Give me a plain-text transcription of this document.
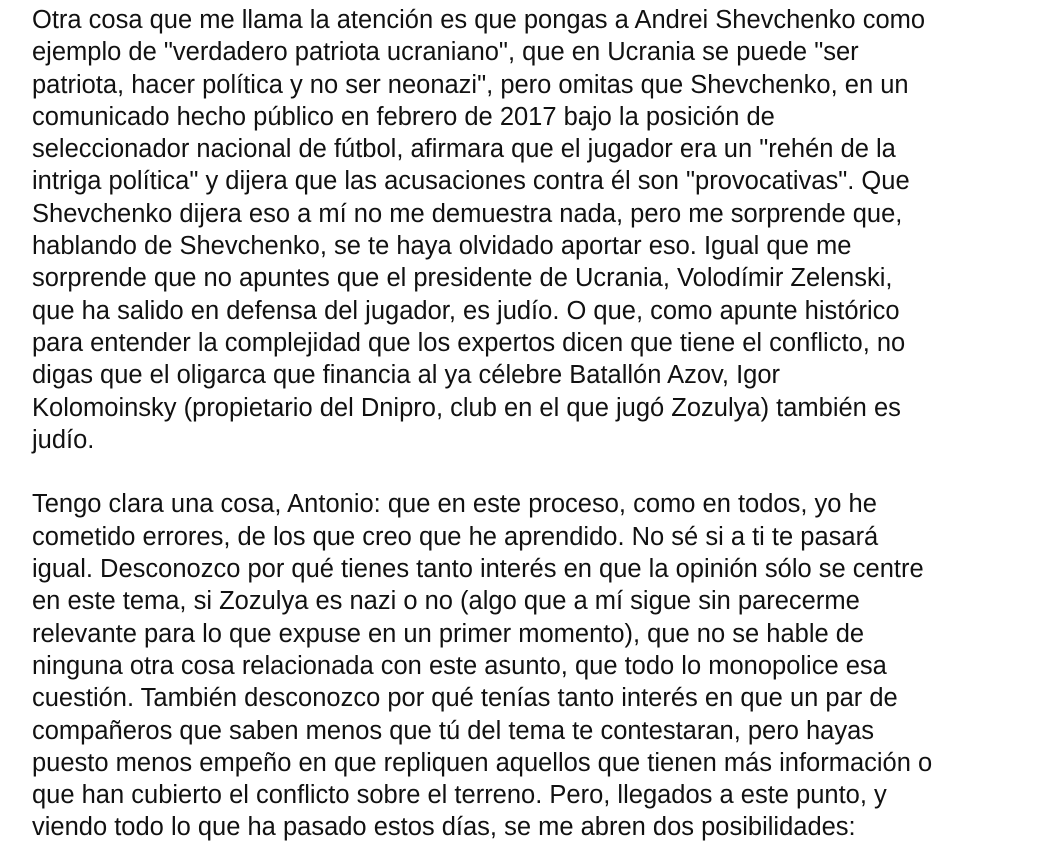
Otra cosa que me llama la atención es que pongas a Andrei Shevchenko como
ejemplo de "verdadero patriota ucraniano", que en Ucrania se puede "ser
patriota, hacer política y no ser neonazi", pero omitas que Shevchenko, en un
comunicado hecho público en febrero de 2017 bajo la posición de
seleccionador nacional de fútbol, afirmara que el jugador era un "rehén de la
intriga política" y dijera que las acusaciones contra él son "provocativas". Que
Shevchenko dijera eso a mí no me demuestra nada, pero me sorprende que,
hablando de Shevchenko, se te haya olvidado aportar eso. Igual que me
sorprende que no apuntes que el presidente de Ucrania, Volodímir Zelenski,
que ha salido en defensa del jugador, es judío. O que, como apunte histórico
para entender la complejidad que los expertos dicen que tiene el conflicto, no
digas que el oligarca que financia al ya célebre Batallón Azov, Igor
Kolomoinsky (propietario del Dnipro, club en el que jugó Zozulya) también es
judío.
Tengo clara una cosa, Antonio: que en este proceso, como en todos, yo he
cometido errores, de los que creo que he aprendido. No sé si a ti te pasará
igual. Desconozco por qué tienes tanto interés en que la opinión sólo se centre
en este tema, si Zozulya es nazi o no (algo que a mí sigue sin parecerme
relevante para lo que expuse en un primer momento), que no se hable de
ninguna otra cosa relacionada con este asunto, que todo lo monopolice esa
cuestión. También desconozco por qué tenías tanto interés en que un par de
compañeros que saben menos que tú del tema te contestaran, pero hayas
puesto menos empeño en que repliquen aquellos que tienen más información o
que han cubierto el conflicto sobre el terreno. Pero, llegados a este punto, y
viendo todo lo que ha pasado estos días, se me abren dos posibilidades:
